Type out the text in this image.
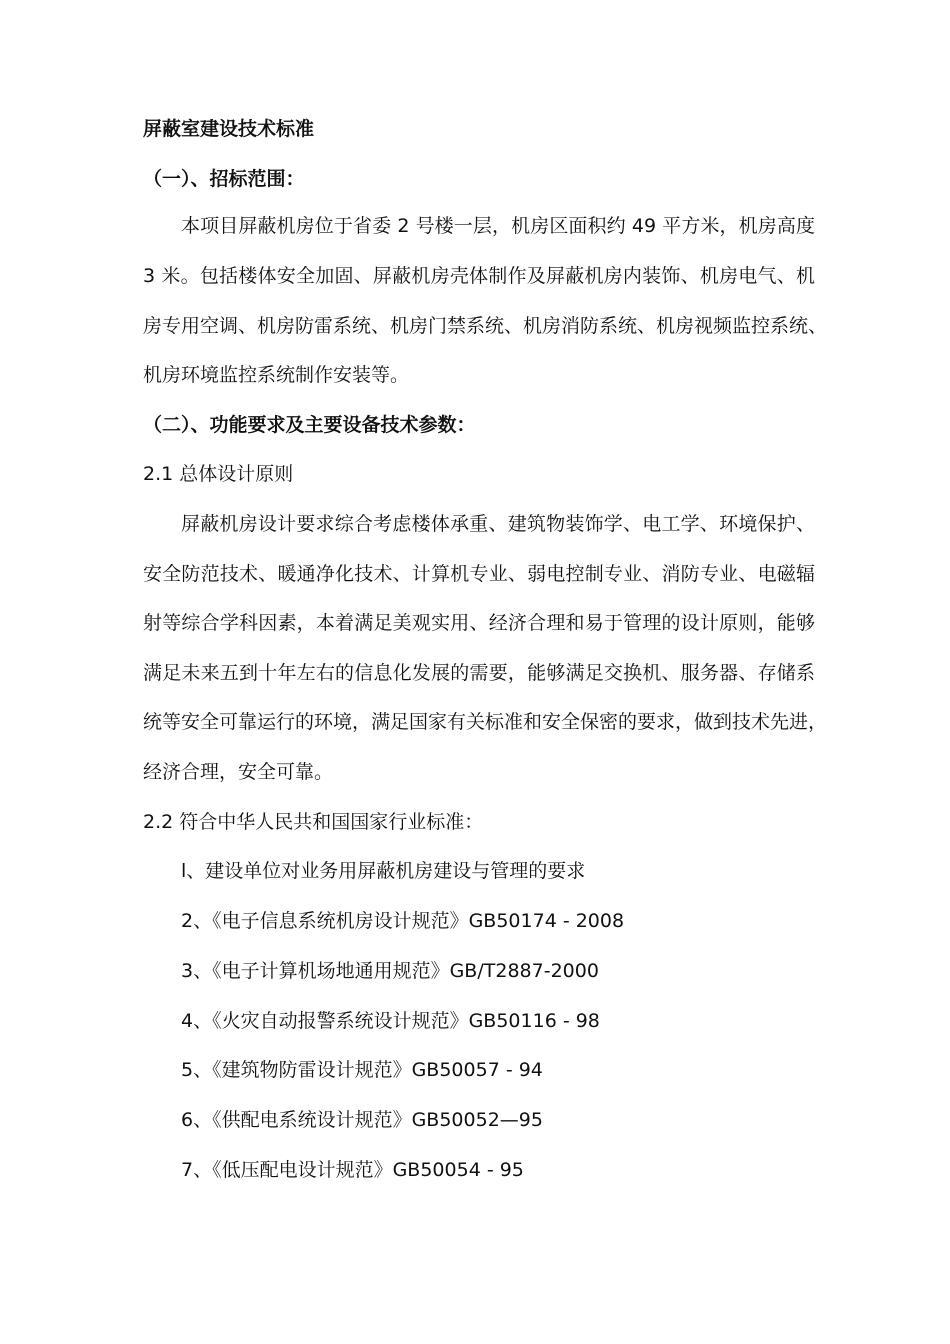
屏蔽室建设技术标准

（一）、招标范围：

本项目屏蔽机房位于省委 2 号楼一层，机房区面积约 49 平方米，机房高度

3 米。包括楼体安全加固、屏蔽机房壳体制作及屏蔽机房内装饰、机房电气、机

房专用空调、机房防雷系统、机房门禁系统、机房消防系统、机房视频监控系统、

机房环境监控系统制作安装等。

（二）、功能要求及主要设备技术参数：

2.1 总体设计原则

屏蔽机房设计要求综合考虑楼体承重、建筑物装饰学、电工学、环境保护、

安全防范技术、暖通净化技术、计算机专业、弱电控制专业、消防专业、电磁辐

射等综合学科因素，本着满足美观实用、经济合理和易于管理的设计原则，能够

满足未来五到十年左右的信息化发展的需要，能够满足交换机、服务器、存储系

统等安全可靠运行的环境，满足国家有关标准和安全保密的要求，做到技术先进，

经济合理，安全可靠。

2.2 符合中华人民共和国国家行业标准：

l、建设单位对业务用屏蔽机房建设与管理的要求

2、《电子信息系统机房设计规范》GB50174 - 2008

3、《电子计算机场地通用规范》GB/T2887-2000

4、《火灾自动报警系统设计规范》GB50116 - 98

5、《建筑物防雷设计规范》GB50057 - 94

6、《供配电系统设计规范》GB50052—95

7、《低压配电设计规范》GB50054 - 95
